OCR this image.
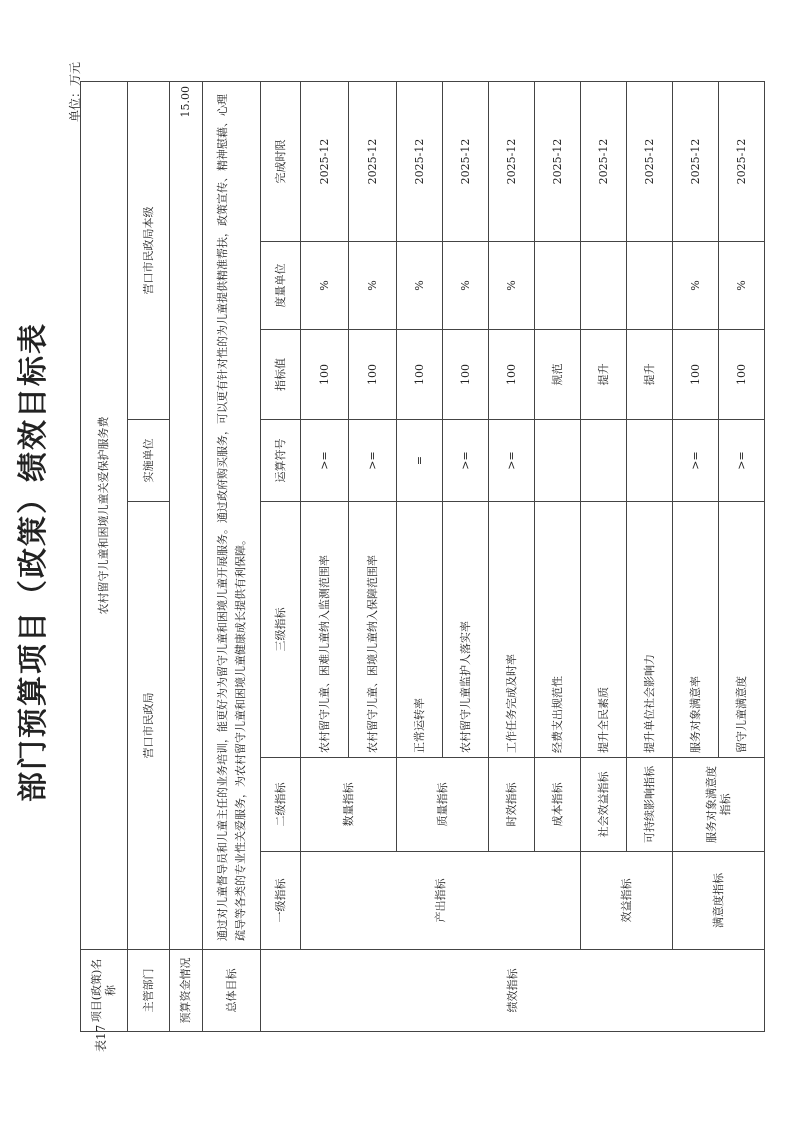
部门预算项目（政策）绩效目标表
表17
单位：万元
项目(政策)名称	农村留守儿童和困境儿童关爱保护服务费						
主管部门	营口市民政局			实施单位	营口市民政局本级		
预算资金情况	15.00						
总体目标	通过对儿童督导员和儿童主任的业务培训，能更好为为留守儿童和困境儿童开展服务。通过政府购买服务，可以更有针对性的为儿童提供精准帮扶，政策宣传、精神慰藉、心理疏导等各类的专业性关爱服务，为农村留守儿童和困境儿童健康成长提供有利保障。						
绩效指标	一级指标	二级指标	三级指标	运算符号	指标值	度量单位	完成时限
	产出指标	数量指标	农村留守儿童、困难儿童纳入监测范围率	>=	100	%	2025-12
			农村留守儿童、困境儿童纳入保障范围率	>=	100	%	2025-12
		质量指标	正常运转率	=	100	%	2025-12
			农村留守儿童监护人落实率	>=	100	%	2025-12
		时效指标	工作任务完成及时率	>=	100	%	2025-12
		成本指标	经费支出规范性		规范		2025-12
	效益指标	社会效益指标	提升全民素质		提升		2025-12
		可持续影响指标	提升单位社会影响力		提升		2025-12
	满意度指标	服务对象满意度指标	服务对象满意率	>=	100	%	2025-12
			留守儿童满意度	>=	100	%	2025-12
